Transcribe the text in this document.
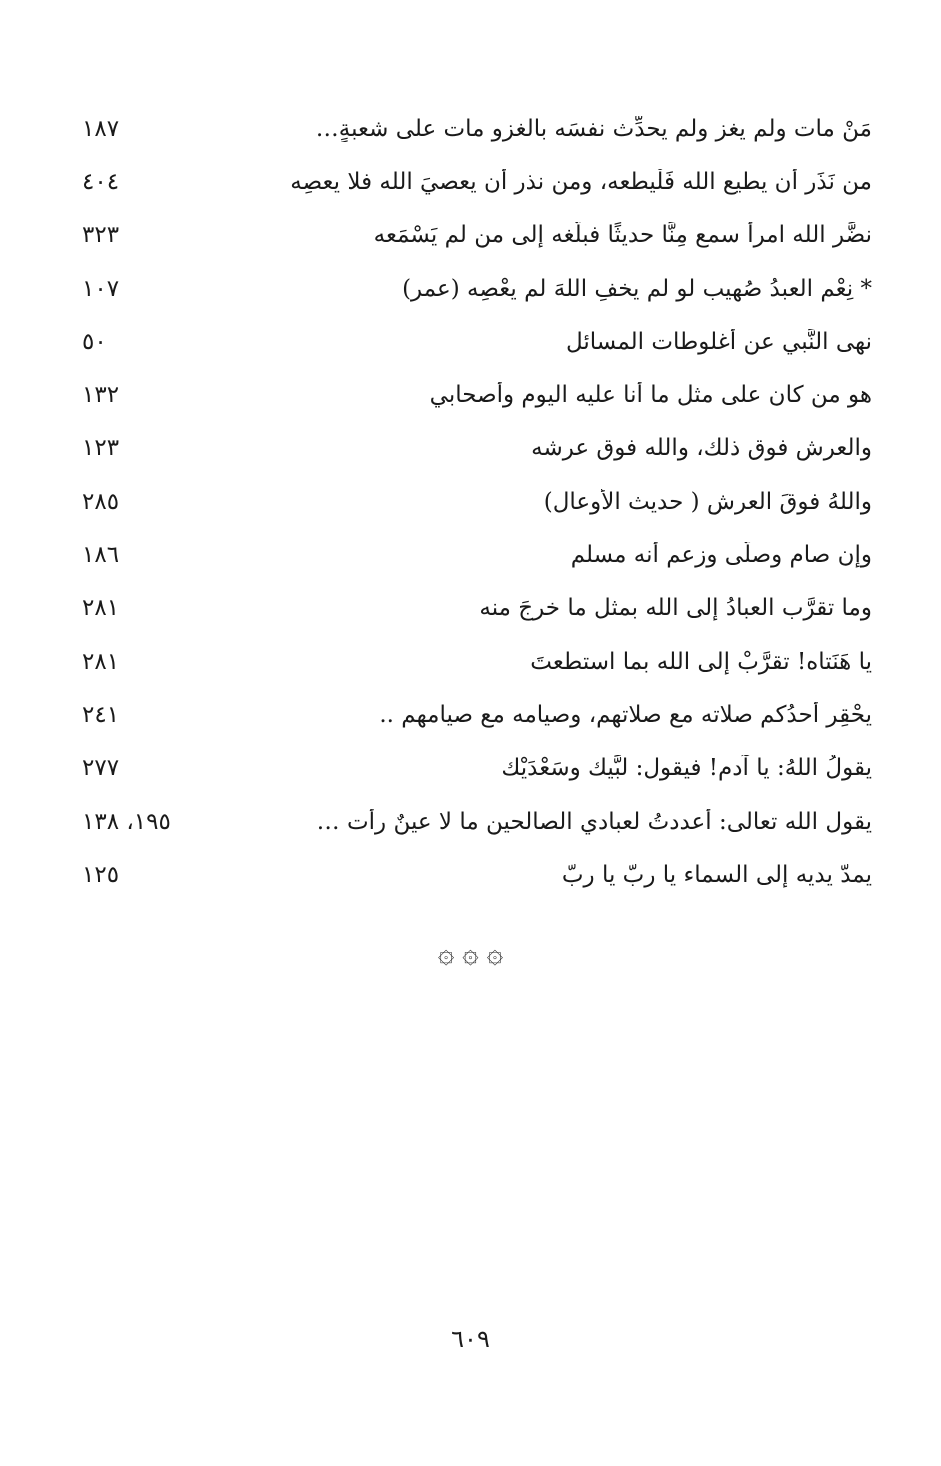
مَنْ مات ولم يغز ولم يحدِّث نفسَه بالغزو مات على شعبةٍ…
١٨٧
من نَذَر أن يطيع الله فَلْيطعه، ومن نذر أن يعصيَ الله فلا يعصِه
٤٠٤
نضَّر الله امرأ سمع مِنَّا حديثًا فبلَّغه إلى من لم يَسْمَعه
٣٢٣
* نِعْم العبدُ صُهيب لو لم يخفِ اللهَ لم يعْصِه (عمر)
١٠٧
نهى النَّبي عن أغلوطات المسائل
٥٠
هو من كان على مثل ما أنا عليه اليوم وأصحابي
١٣٢
والعرش فوق ذلك، والله فوق عرشه
١٢٣
واللهُ فوقَ العرشِ ( حديث الأوعال)
٢٨٥
وإن صام وصلَّى وزعم أنه مسلم
١٨٦
وما تقرَّب العبادُ إلى الله بمثل ما خرجَ منه
٢٨١
يا هَنَتاه! تقرَّبْ إلى الله بما استطعتَ
٢٨١
يحْقِر أحدُكم صلاته مع صلاتهم، وصيامه مع صيامهم ..
٢٤١
يقولُ اللهُ: يا آدم! فيقول: لبَّيك وسَعْدَيْك
٢٧٧
يقول الله تعالى: أعددتُ لعبادي الصالحين ما لا عينٌ رأت …
١٩٥، ١٣٨
يمدّ يديه إلى السماء يا ربّ يا ربّ
١٢٥
۞ ۞ ۞
٦٠٩
